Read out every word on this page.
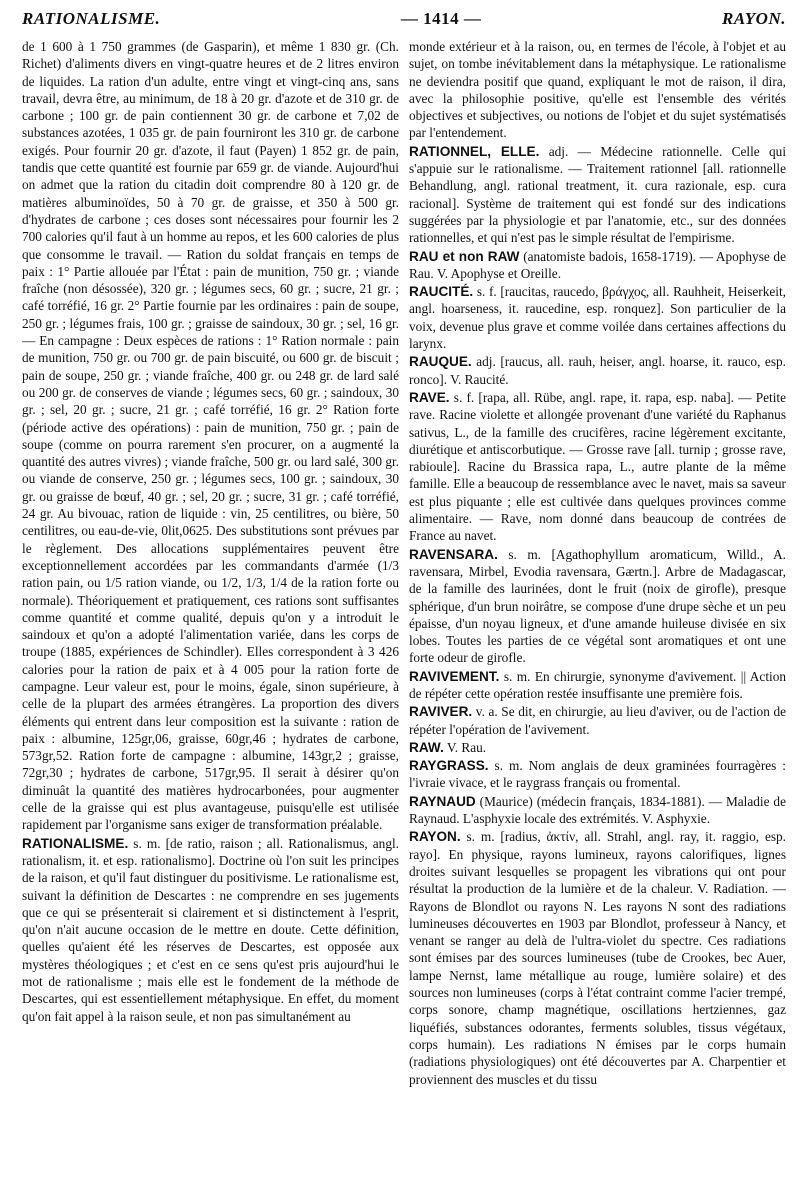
RATIONALISME.	— 1414 —	RAYON.

de 1 600 à 1 750 grammes (de Gasparin), et même 1 830 gr. (Ch. Richet) d'aliments divers en vingt-quatre heures et de 2 litres environ de liquides. La ration d'un adulte, entre vingt et vingt-cinq ans, sans travail, devra être, au minimum, de 18 à 20 gr. d'azote et de 310 gr. de carbone ; 100 gr. de pain contiennent 30 gr. de carbone et 7,02 de substances azotées, 1 035 gr. de pain fourniront les 310 gr. de carbone exigés. Pour fournir 20 gr. d'azote, il faut (Payen) 1 852 gr. de pain, tandis que cette quantité est fournie par 659 gr. de viande. Aujourd'hui on admet que la ration du citadin doit comprendre 80 à 120 gr. de matières albuminoïdes, 50 à 70 gr. de graisse, et 350 à 500 gr. d'hydrates de carbone ; ces doses sont nécessaires pour fournir les 2 700 calories qu'il faut à un homme au repos, et les 600 calories de plus que consomme le travail. — Ration du soldat français en temps de paix : 1° Partie allouée par l'État : pain de munition, 750 gr. ; viande fraîche (non désossée), 320 gr. ; légumes secs, 60 gr. ; sucre, 21 gr. ; café torréfié, 16 gr. 2° Partie fournie par les ordinaires : pain de soupe, 250 gr. ; légumes frais, 100 gr. ; graisse de saindoux, 30 gr. ; sel, 16 gr. — En campagne : Deux espèces de rations : 1° Ration normale : pain de munition, 750 gr. ou 700 gr. de pain biscuité, ou 600 gr. de biscuit ; pain de soupe, 250 gr. ; viande fraîche, 400 gr. ou 248 gr. de lard salé ou 200 gr. de conserves de viande ; légumes secs, 60 gr. ; saindoux, 30 gr. ; sel, 20 gr. ; sucre, 21 gr. ; café torréfié, 16 gr. 2° Ration forte (période active des opérations) : pain de munition, 750 gr. ; pain de soupe (comme on pourra rarement s'en procurer, on a augmenté la quantité des autres vivres) ; viande fraîche, 500 gr. ou lard salé, 300 gr. ou viande de conserve, 250 gr. ; légumes secs, 100 gr. ; saindoux, 30 gr. ou graisse de bœuf, 40 gr. ; sel, 20 gr. ; sucre, 31 gr. ; café torréfié, 24 gr. Au bivouac, ration de liquide : vin, 25 centilitres, ou bière, 50 centilitres, ou eau-de-vie, 0lit,0625. Des substitutions sont prévues par le règlement. Des allocations supplémentaires peuvent être exceptionnellement accordées par les commandants d'armée (1/3 ration pain, ou 1/5 ration viande, ou 1/2, 1/3, 1/4 de la ration forte ou normale). Théoriquement et pratiquement, ces rations sont suffisantes comme quantité et comme qualité, depuis qu'on y a introduit le saindoux et qu'on a adopté l'alimentation variée, dans les corps de troupe (1885, expériences de Schindler). Elles correspondent à 3 426 calories pour la ration de paix et à 4 005 pour la ration forte de campagne. Leur valeur est, pour le moins, égale, sinon supérieure, à celle de la plupart des armées étrangères. La proportion des divers éléments qui entrent dans leur composition est la suivante : ration de paix : albumine, 125gr,06, graisse, 60gr,46 ; hydrates de carbone, 573gr,52. Ration forte de campagne : albumine, 143gr,2 ; graisse, 72gr,30 ; hydrates de carbone, 517gr,95. Il serait à désirer qu'on diminuât la quantité des matières hydrocarbonées, pour augmenter celle de la graisse qui est plus avantageuse, puisqu'elle est utilisée rapidement par l'organisme sans exiger de transformation préalable.

RATIONALISME. s. m. [de ratio, raison ; all. Rationalismus, angl. rationalism, it. et esp. rationalismo]. Doctrine où l'on suit les principes de la raison, et qu'il faut distinguer du positivisme. Le rationalisme est, suivant la définition de Descartes : ne comprendre en ses jugements que ce qui se présenterait si clairement et si distinctement à l'esprit, qu'on n'ait aucune occasion de le mettre en doute. Cette définition, quelles qu'aient été les réserves de Descartes, est opposée aux mystères théologiques ; et c'est en ce sens qu'est pris aujourd'hui le mot de rationalisme ; mais elle est le fondement de la méthode de Descartes, qui est essentiellement métaphysique. En effet, du moment qu'on fait appel à la raison seule, et non pas simultanément au

monde extérieur et à la raison, ou, en termes de l'école, à l'objet et au sujet, on tombe inévitablement dans la métaphysique. Le rationalisme ne deviendra positif que quand, expliquant le mot de raison, il dira, avec la philosophie positive, qu'elle est l'ensemble des vérités objectives et subjectives, ou notions de l'objet et du sujet systématisés par l'entendement.

RATIONNEL, ELLE. adj. — Médecine rationnelle. Celle qui s'appuie sur le rationalisme. — Traitement rationnel [all. rationnelle Behandlung, angl. rational treatment, it. cura razionale, esp. cura racional]. Système de traitement qui est fondé sur des indications suggérées par la physiologie et par l'anatomie, etc., sur des données rationnelles, et qui n'est pas le simple résultat de l'empirisme.

RAU et non RAW (anatomiste badois, 1658-1719). — Apophyse de Rau. V. Apophyse et Oreille.

RAUCITÉ. s. f. [raucitas, raucedo, βράγχος, all. Rauhheit, Heiserkeit, angl. hoarseness, it. raucedine, esp. ronquez]. Son particulier de la voix, devenue plus grave et comme voilée dans certaines affections du larynx.

RAUQUE. adj. [raucus, all. rauh, heiser, angl. hoarse, it. rauco, esp. ronco]. V. Raucité.

RAVE. s. f. [rapa, all. Rübe, angl. rape, it. rapa, esp. naba]. — Petite rave. Racine violette et allongée provenant d'une variété du Raphanus sativus, L., de la famille des crucifères, racine légèrement excitante, diurétique et antiscorbutique. — Grosse rave [all. turnip ; grosse rave, rabioule]. Racine du Brassica rapa, L., autre plante de la même famille. Elle a beaucoup de ressemblance avec le navet, mais sa saveur est plus piquante ; elle est cultivée dans quelques provinces comme alimentaire. — Rave, nom donné dans beaucoup de contrées de France au navet.

RAVENSARA. s. m. [Agathophyllum aromaticum, Willd., A. ravensara, Mirbel, Evodia ravensara, Gærtn.]. Arbre de Madagascar, de la famille des laurinées, dont le fruit (noix de girofle), presque sphérique, d'un brun noirâtre, se compose d'une drupe sèche et un peu épaisse, d'un noyau ligneux, et d'une amande huileuse divisée en six lobes. Toutes les parties de ce végétal sont aromatiques et ont une forte odeur de girofle.

RAVIVEMENT. s. m. En chirurgie, synonyme d'avivement. || Action de répéter cette opération restée insuffisante une première fois.

RAVIVER. v. a. Se dit, en chirurgie, au lieu d'aviver, ou de l'action de répéter l'opération de l'avivement.

RAW. V. Rau.

RAYGRASS. s. m. Nom anglais de deux graminées fourragères : l'ivraie vivace, et le raygrass français ou fromental.

RAYNAUD (Maurice) (médecin français, 1834-1881). — Maladie de Raynaud. L'asphyxie locale des extrémités. V. Asphyxie.

RAYON. s. m. [radius, ἀκτίν, all. Strahl, angl. ray, it. raggio, esp. rayo]. En physique, rayons lumineux, rayons calorifiques, lignes droites suivant lesquelles se propagent les vibrations qui ont pour résultat la production de la lumière et de la chaleur. V. Radiation. — Rayons de Blondlot ou rayons N. Les rayons N sont des radiations lumineuses découvertes en 1903 par Blondlot, professeur à Nancy, et venant se ranger au delà de l'ultra-violet du spectre. Ces radiations sont émises par des sources lumineuses (tube de Crookes, bec Auer, lampe Nernst, lame métallique au rouge, lumière solaire) et des sources non lumineuses (corps à l'état contraint comme l'acier trempé, corps sonore, champ magnétique, oscillations hertziennes, gaz liquéfiés, substances odorantes, ferments solubles, tissus végétaux, corps humain). Les radiations N émises par le corps humain (radiations physiologiques) ont été découvertes par A. Charpentier et proviennent des muscles et du tissu
